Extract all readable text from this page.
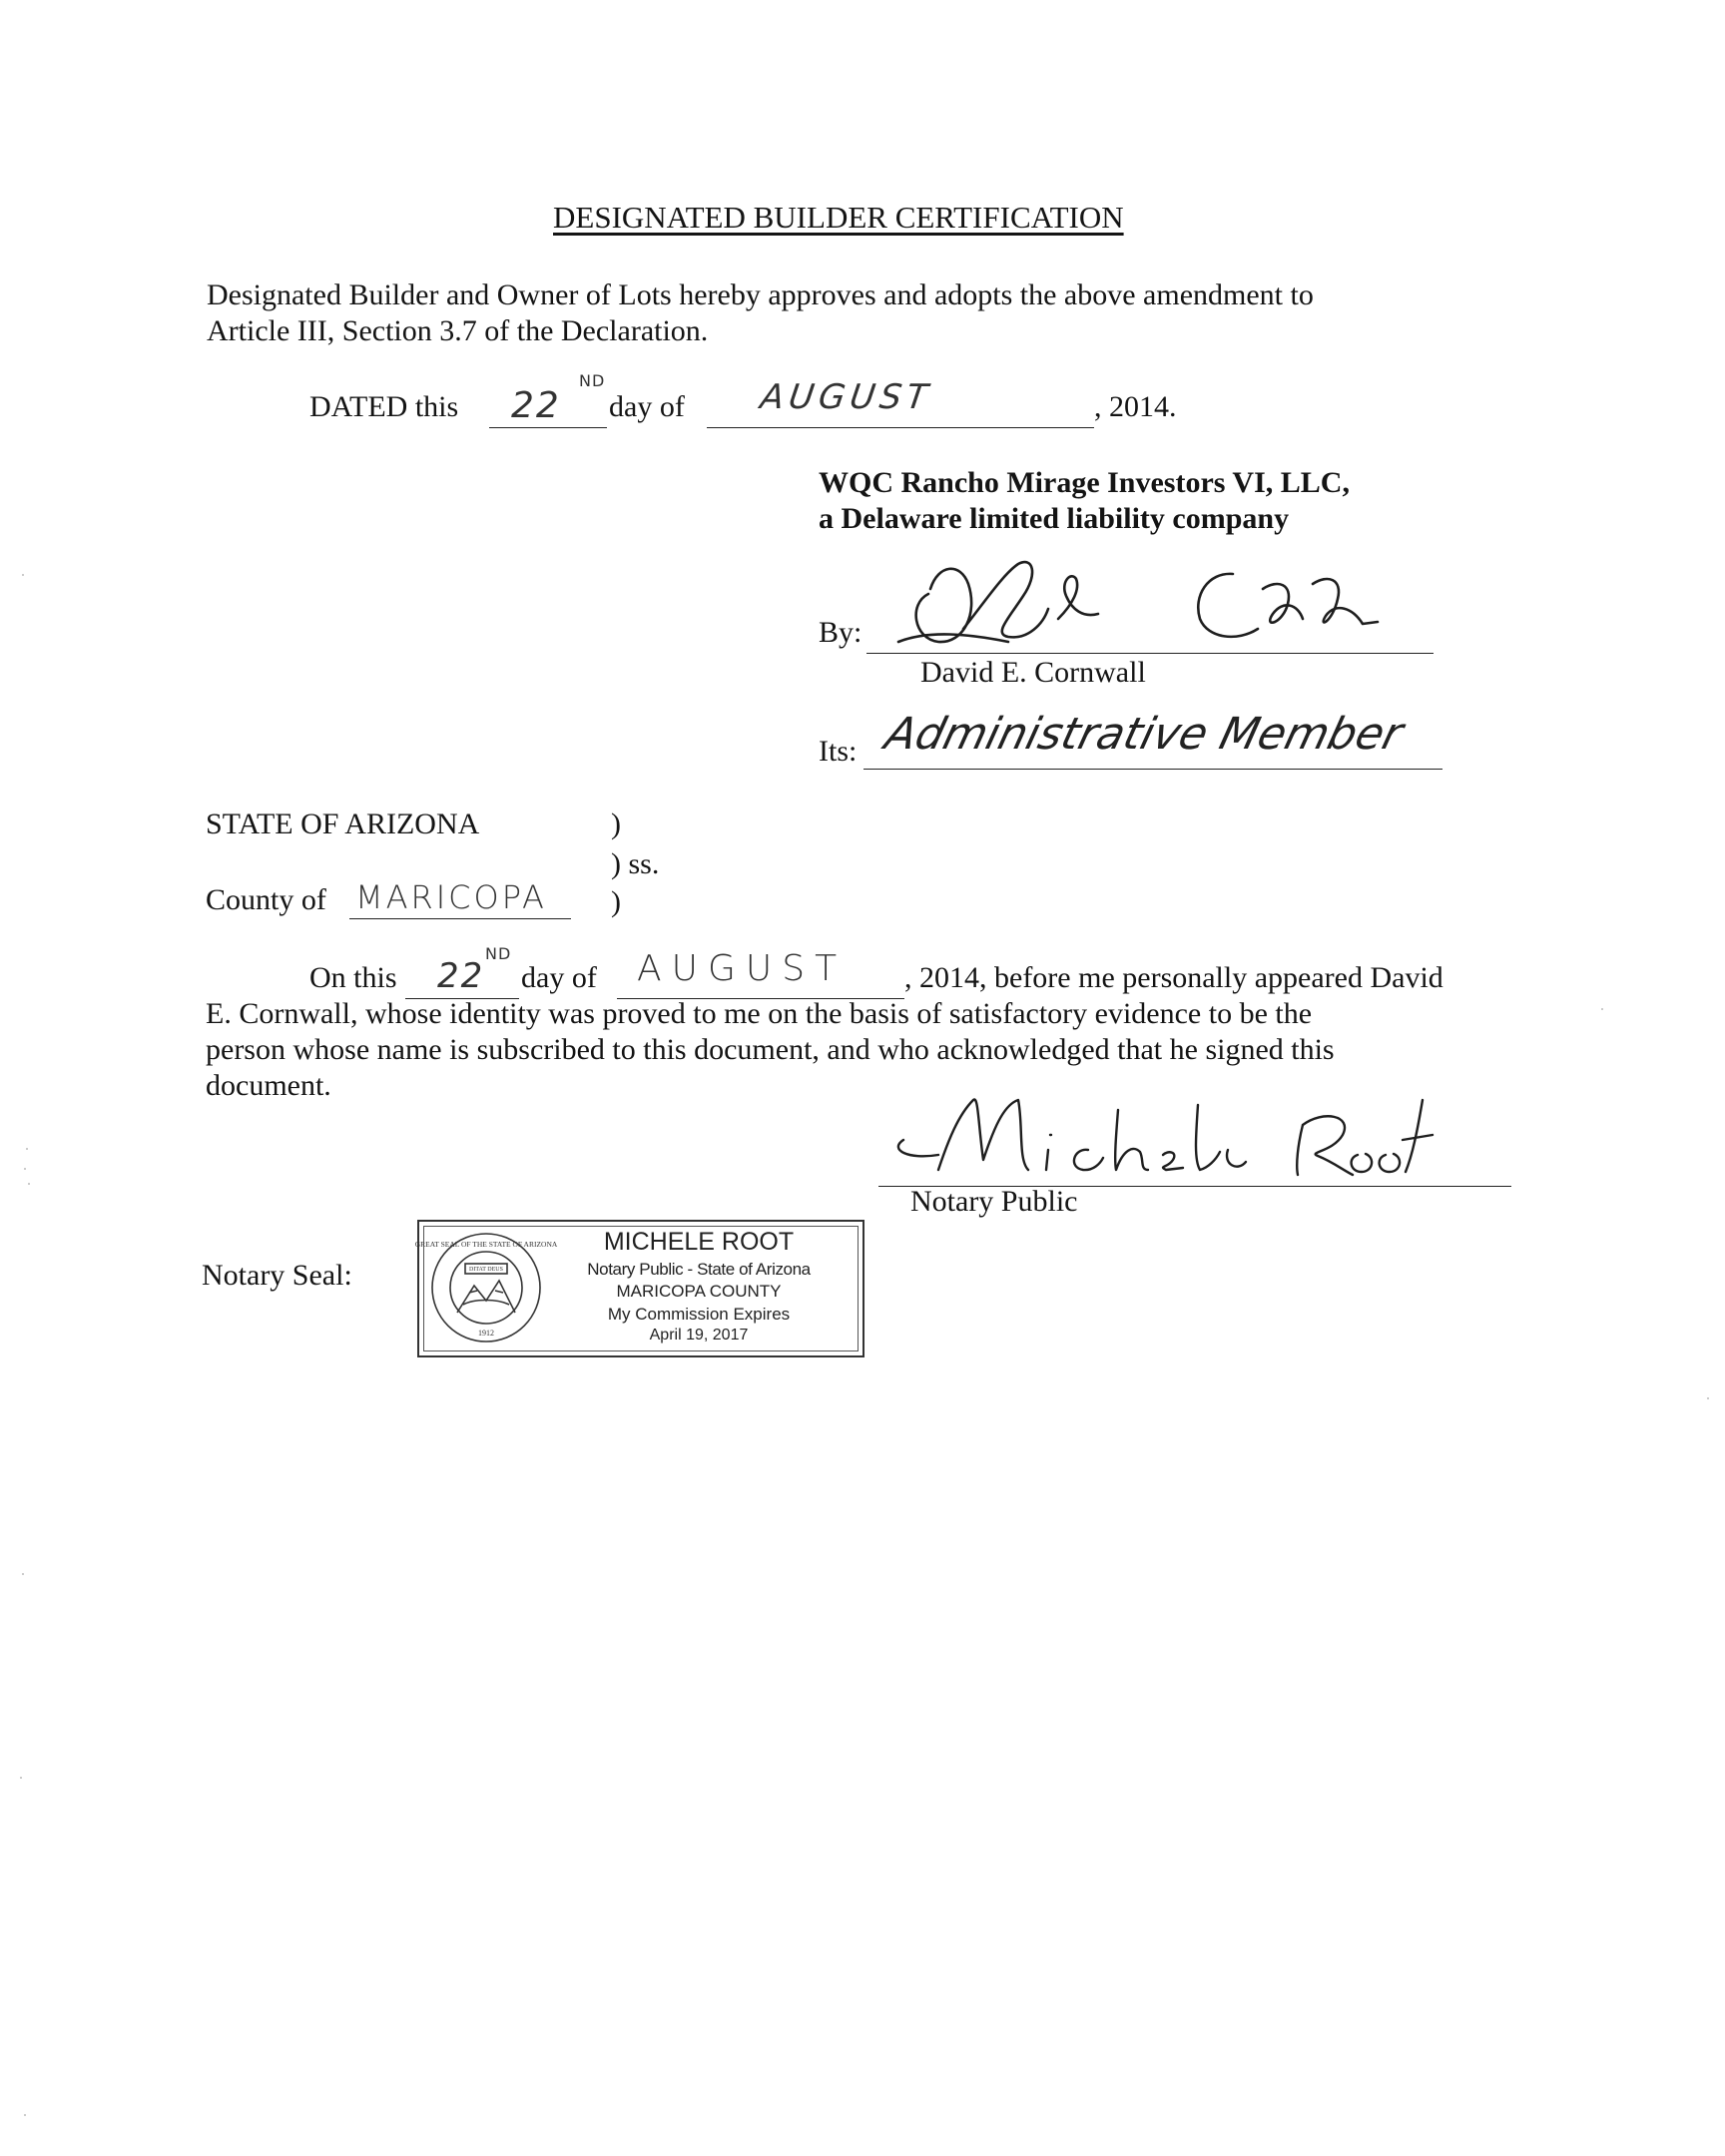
DESIGNATED BUILDER CERTIFICATION
Designated Builder and Owner of Lots hereby approves and adopts the above amendment to
Article III, Section 3.7 of the Declaration.
DATED this 22
ND
day of AUGUST	, 2014.
WQC Rancho Mirage Investors VI, LLC,
a Delaware limited liability company
By:
David E. Cornwall
Its: Administrative Member
STATE OF ARIZONA	)
) ss.
County of MARICOPA )
On this 22
ND
day of AUGUST , 2014, before me personally appeared David
E. Cornwall, whose identity was proved to me on the basis of satisfactory evidence to be the
person whose name is subscribed to this document, and who acknowledged that he signed this
document.
Notary Public
Notary Seal:
GREAT SEAL OF THE STATE OF ARIZONA
DITAT DEUS
1912
MICHELE ROOT
Notary Public - State of Arizona
MARICOPA COUNTY
My Commission Expires
April 19, 2017
